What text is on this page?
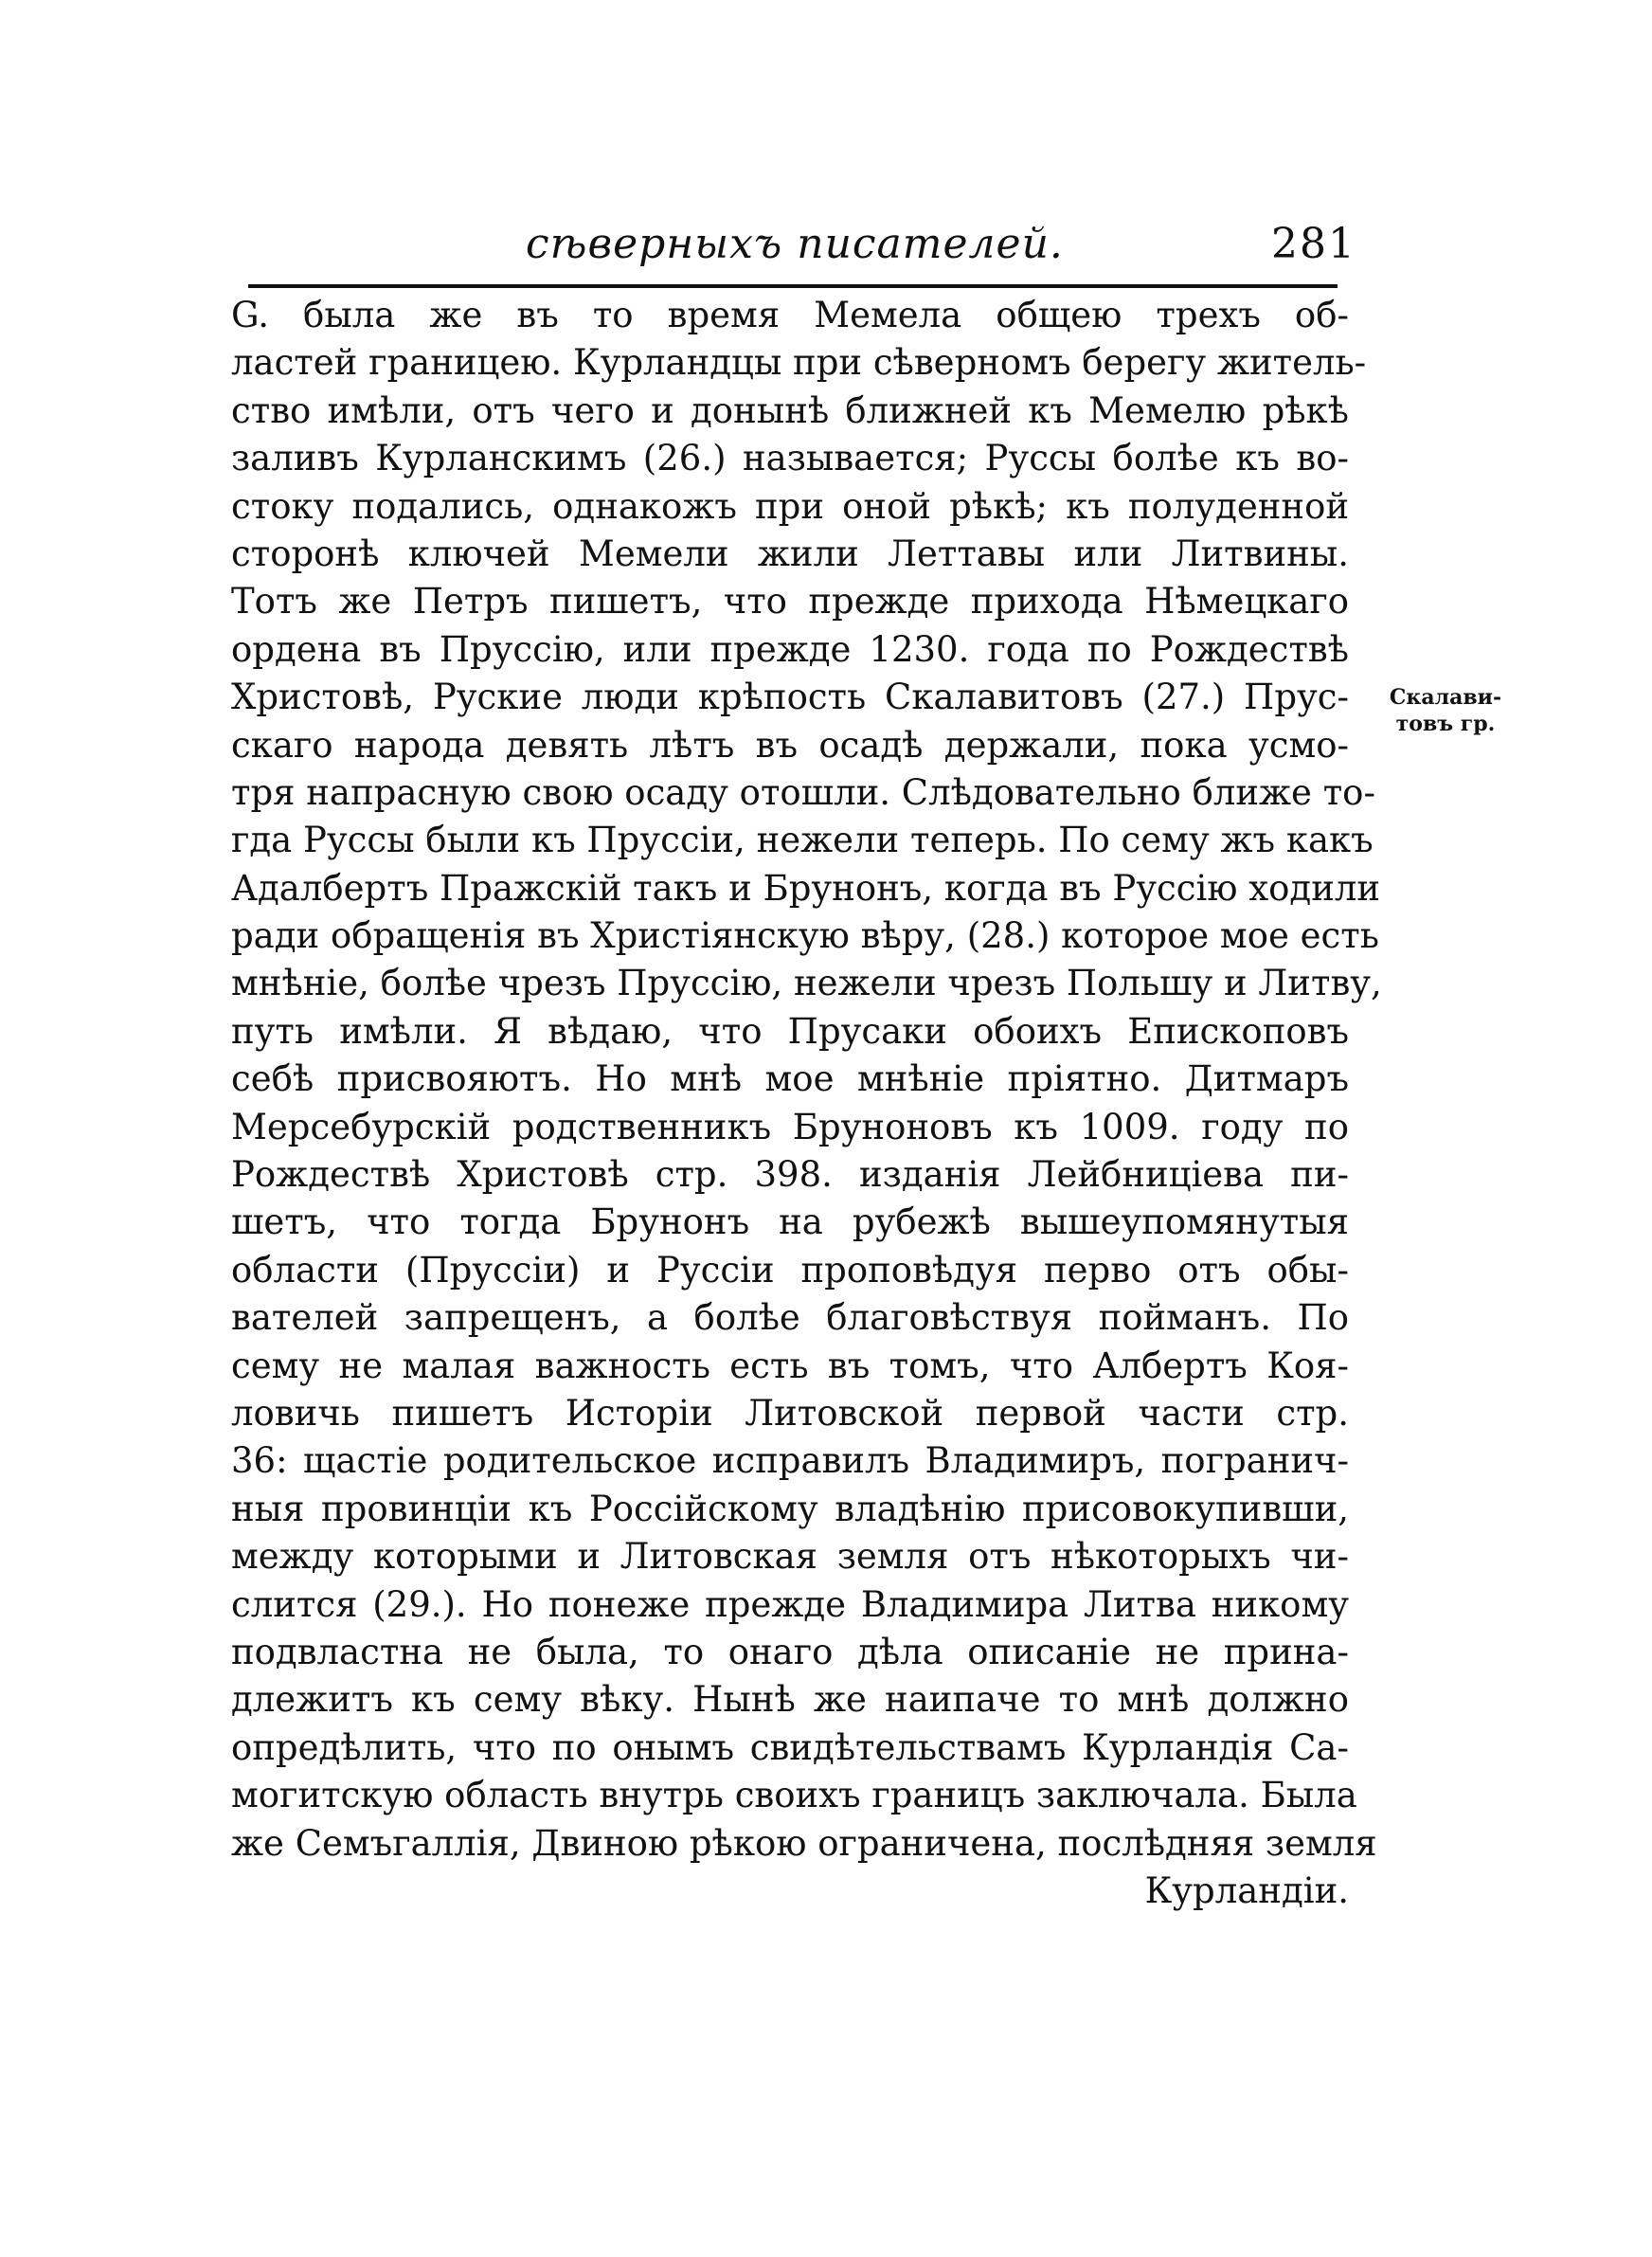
сѣверныхъ писателей.	281
Скалави-
товъ гр.
G. была же въ то время Мемела общею трехъ об-
ластей границею. Курландцы при сѣверномъ берегу житель-
ство имѣли, отъ чего и донынѣ ближней къ Мемелю рѣкѣ
заливъ Курланскимъ (26.) называется; Руссы болѣе къ во-
стоку подались, однакожъ при оной рѣкѣ; къ полуденной
сторонѣ ключей Мемели жили Леттавы или Литвины.
Тотъ же Петръ пишетъ, что прежде прихода Нѣмецкаго
ордена въ Пруссiю, или прежде 1230. года по Рождествѣ
Христовѣ, Руские люди крѣпость Скалавитовъ (27.) Прус-
скаго народа девять лѣтъ въ осадѣ держали, пока усмо-
тря напрасную свою осаду отошли. Слѣдовательно ближе то-
гда Руссы были къ Пруссiи, нежели теперь. По сему жъ какъ
Адалбертъ Пражскiй такъ и Брунонъ, когда въ Руссiю ходили
ради обращенiя въ Христiянскую вѣру, (28.) которое мое есть
мнѣнiе, болѣе чрезъ Пруссiю, нежели чрезъ Польшу и Литву,
путь имѣли. Я вѣдаю, что Прусаки обоихъ Епископовъ
себѣ присвояютъ. Но мнѣ мое мнѣнiе прiятно. Дитмаръ
Мерсебурскiй родственникъ Бруноновъ къ 1009. году по
Рождествѣ Христовѣ стр. 398. изданiя Лейбницiева пи-
шетъ, что тогда Брунонъ на рубежѣ вышеупомянутыя
области (Пруссiи) и Руссiи проповѣдуя перво отъ обы-
вателей запрещенъ, а болѣе благовѣствуя пойманъ. По
сему не малая важность есть въ томъ, что Албертъ Коя-
ловичь пишетъ Исторiи Литовской первой части стр.
36: щастiе родительское исправилъ Владимиръ, погранич-
ныя провинцiи къ Россiйскому владѣнiю присовокупивши,
между которыми и Литовская земля отъ нѣкоторыхъ чи-
слится (29.). Но понеже прежде Владимира Литва никому
подвластна не была, то онаго дѣла описанiе не прина-
длежитъ къ сему вѣку. Нынѣ же наипаче то мнѣ должно
опредѣлить, что по онымъ свидѣтельствамъ Курландiя Са-
могитскую область внутрь своихъ границъ заключала. Была
же Семъгаллiя, Двиною рѣкою ограничена, послѣдняя земля
Курландiи.
